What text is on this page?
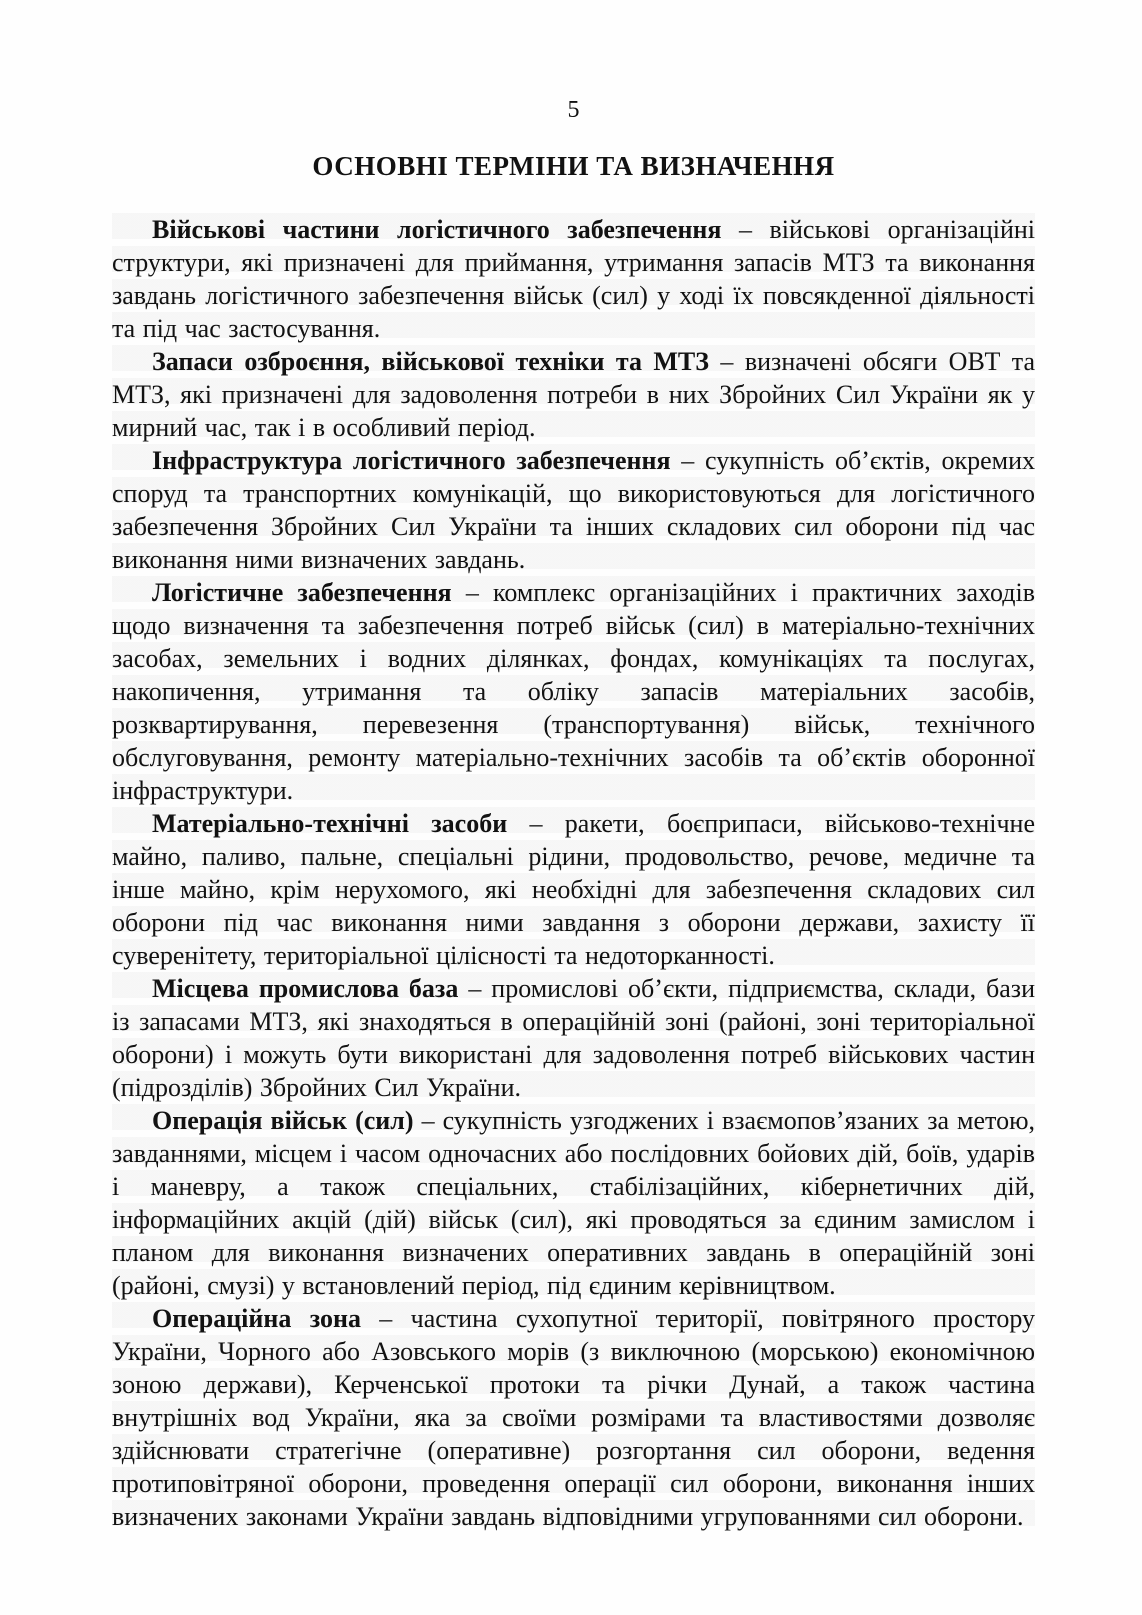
5
ОСНОВНІ ТЕРМІНИ ТА ВИЗНАЧЕННЯ

Військові частини логістичного забезпечення – військові організаційні структури, які призначені для приймання, утримання запасів МТЗ та виконання завдань логістичного забезпечення військ (сил) у ході їх повсякденної діяльності та під час застосування.

Запаси озброєння, військової техніки та МТЗ – визначені обсяги ОВТ та МТЗ, які призначені для задоволення потреби в них Збройних Сил України як у мирний час, так і в особливий період.

Інфраструктура логістичного забезпечення – сукупність об’єктів, окремих споруд та транспортних комунікацій, що використовуються для логістичного забезпечення Збройних Сил України та інших складових сил оборони під час виконання ними визначених завдань.

Логістичне забезпечення – комплекс організаційних і практичних заходів щодо визначення та забезпечення потреб військ (сил) в матеріально-технічних засобах, земельних і водних ділянках, фондах, комунікаціях та послугах, накопичення, утримання та обліку запасів матеріальних засобів, розквартирування, перевезення (транспортування) військ, технічного обслуговування, ремонту матеріально-технічних засобів та об’єктів оборонної інфраструктури.

Матеріально-технічні засоби – ракети, боєприпаси, військово-технічне майно, паливо, пальне, спеціальні рідини, продовольство, речове, медичне та інше майно, крім нерухомого, які необхідні для забезпечення складових сил оборони під час виконання ними завдання з оборони держави, захисту її суверенітету, територіальної цілісності та недоторканності.

Місцева промислова база – промислові об’єкти, підприємства, склади, бази із запасами МТЗ, які знаходяться в операційній зоні (районі, зоні територіальної оборони) і можуть бути використані для задоволення потреб військових частин (підрозділів) Збройних Сил України.

Операція військ (сил) – сукупність узгоджених і взаємопов’язаних за метою, завданнями, місцем і часом одночасних або послідовних бойових дій, боїв, ударів і маневру, а також спеціальних, стабілізаційних, кібернетичних дій, інформаційних акцій (дій) військ (сил), які проводяться за єдиним замислом і планом для виконання визначених оперативних завдань в операційній зоні (районі, смузі) у встановлений період, під єдиним керівництвом.

Операційна зона – частина сухопутної території, повітряного простору України, Чорного або Азовського морів (з виключною (морською) економічною зоною держави), Керченської протоки та річки Дунай, а також частина внутрішніх вод України, яка за своїми розмірами та властивостями дозволяє здійснювати стратегічне (оперативне) розгортання сил оборони, ведення протиповітряної оборони, проведення операції сил оборони, виконання інших визначених законами України завдань відповідними угрупованнями сил оборони.
